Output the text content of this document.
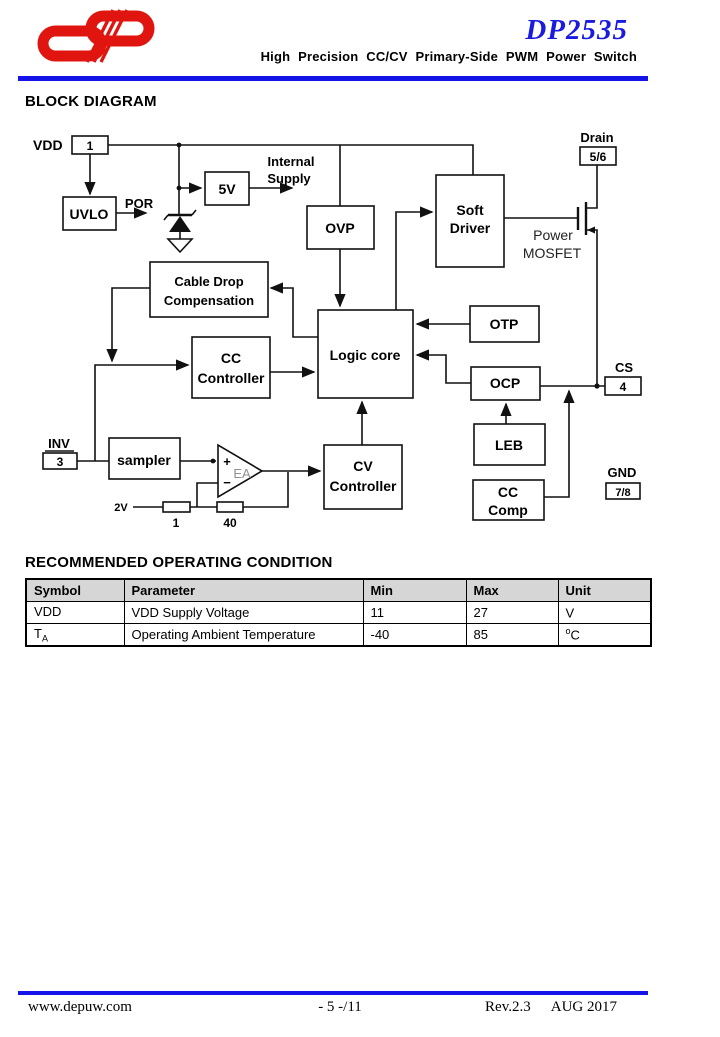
DP2535
High Precision CC/CV Primary-Side PWM Power Switch
BLOCK DIAGRAM
RECOMMENDED OPERATING CONDITION
VDD 1
UVLO
POR
5V
Internal
Supply
OVP
Soft
Driver
Drain
5/6
Power
MOSFET
Cable Drop
Compensation
CC
Controller
Logic core
OTP
OCP
LEB
CC
Comp
CV
Controller
sampler
INV
3
CS
4
GND
7/8
+
−
EA
2V
1	40
Symbol	Parameter	Min	Max	Unit
VDD	VDD Supply Voltage	11	27	V
$T_A$	Operating Ambient Temperature	-40	85	$^o$C
www.depuw.com	- 5 -/11	Rev.2.3 AUG 2017
